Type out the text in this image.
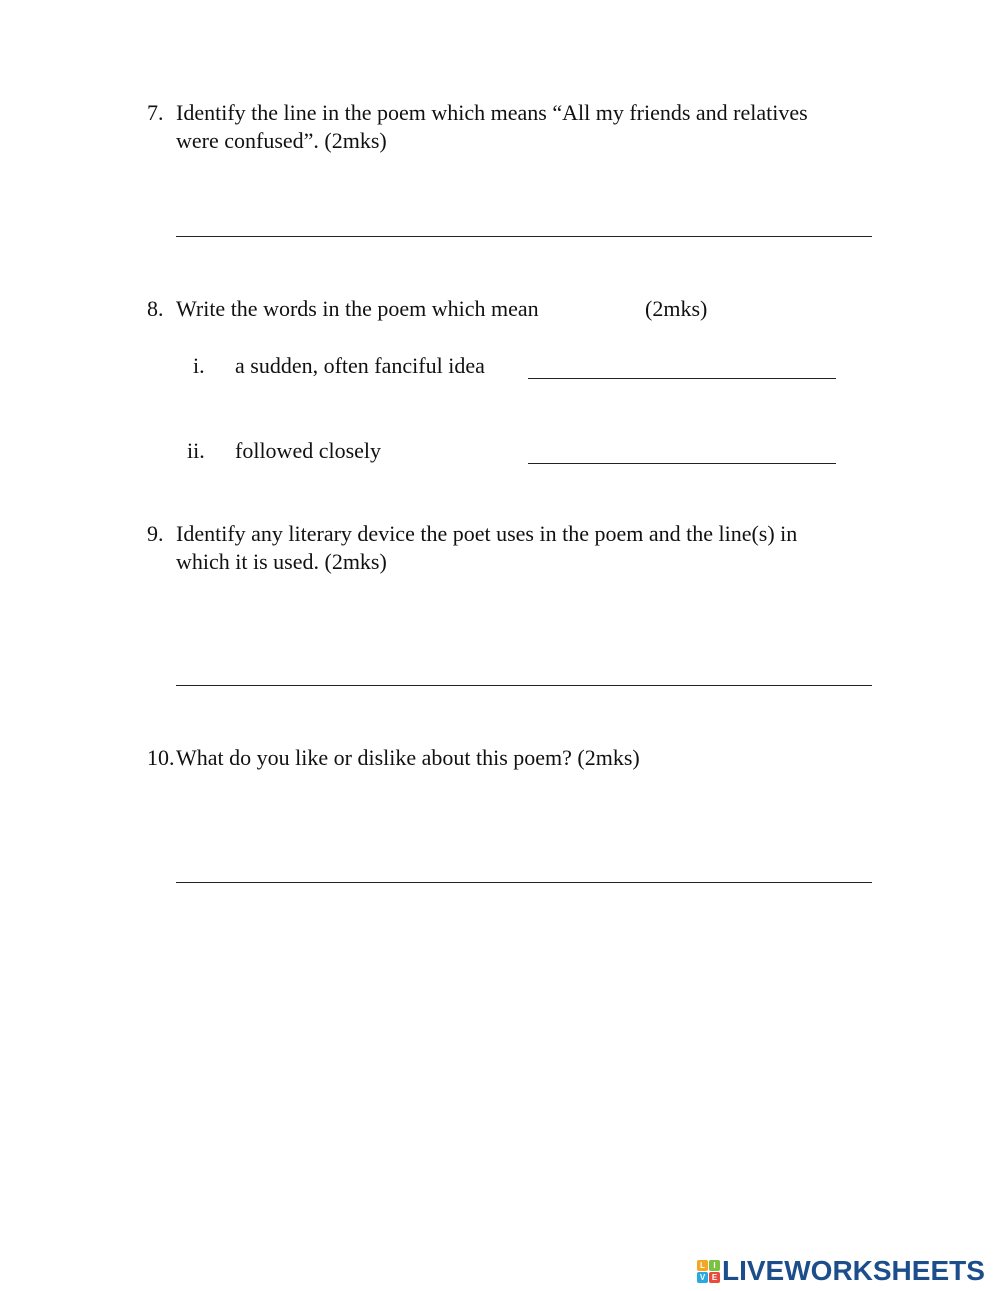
7. Identify the line in the poem which means “All my friends and relatives
were confused”. (2mks)
8. Write the words in the poem which mean	(2mks)
i. a sudden, often fanciful idea
ii. followed closely
9. Identify any literary device the poet uses in the poem and the line(s) in
which it is used. (2mks)
10. What do you like or dislike about this poem? (2mks)
L	I
V E LIVEWORKSHEETS
